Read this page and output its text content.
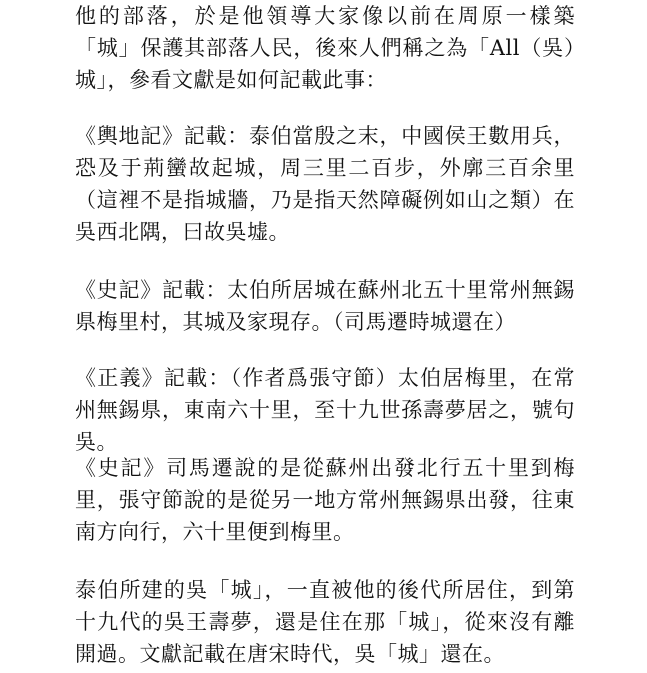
他的部落，於是他領導大家像以前在周原一樣築「城」保護其部落人民，後來人們稱之為「All（吳）城」，參看文獻是如何記載此事：

《輿地記》記載：泰伯當殷之末，中國侯王數用兵，恐及于荊蠻故起城，周三里二百步，外廓三百余里（這裡不是指城牆，乃是指天然障礙例如山之類）在吳西北隅，曰故吳墟。

《史記》記載：太伯所居城在蘇州北五十里常州無錫県梅里村，其城及家現存。（司馬遷時城還在）

《正義》記載：（作者爲張守節）太伯居梅里，在常州無錫県，東南六十里，至十九世孫壽夢居之，號句吳。

《史記》司馬遷說的是從蘇州出發北行五十里到梅里，張守節說的是從另一地方常州無錫県出發，往東南方向行，六十里便到梅里。

泰伯所建的吳「城」，一直被他的後代所居住，到第十九代的吳王壽夢，還是住在那「城」，從來沒有離開過。文獻記載在唐宋時代，吳「城」還在。
